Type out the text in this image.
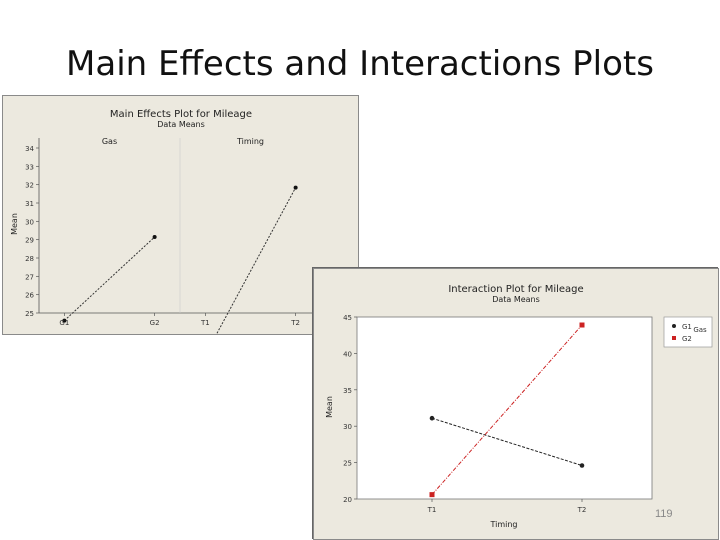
Main Effects and Interactions Plots
Main Effects Plot for Mileage
Data Means
Mean
34
33
32
31
30
29
28
27
26
25
Gas
G1	G2
Timing
T1	T2
Interaction Plot for Mileage
Data Means
Mean
Timing
45
40
35
30
25
20
T1	T2
Gas
G1
G2
119
